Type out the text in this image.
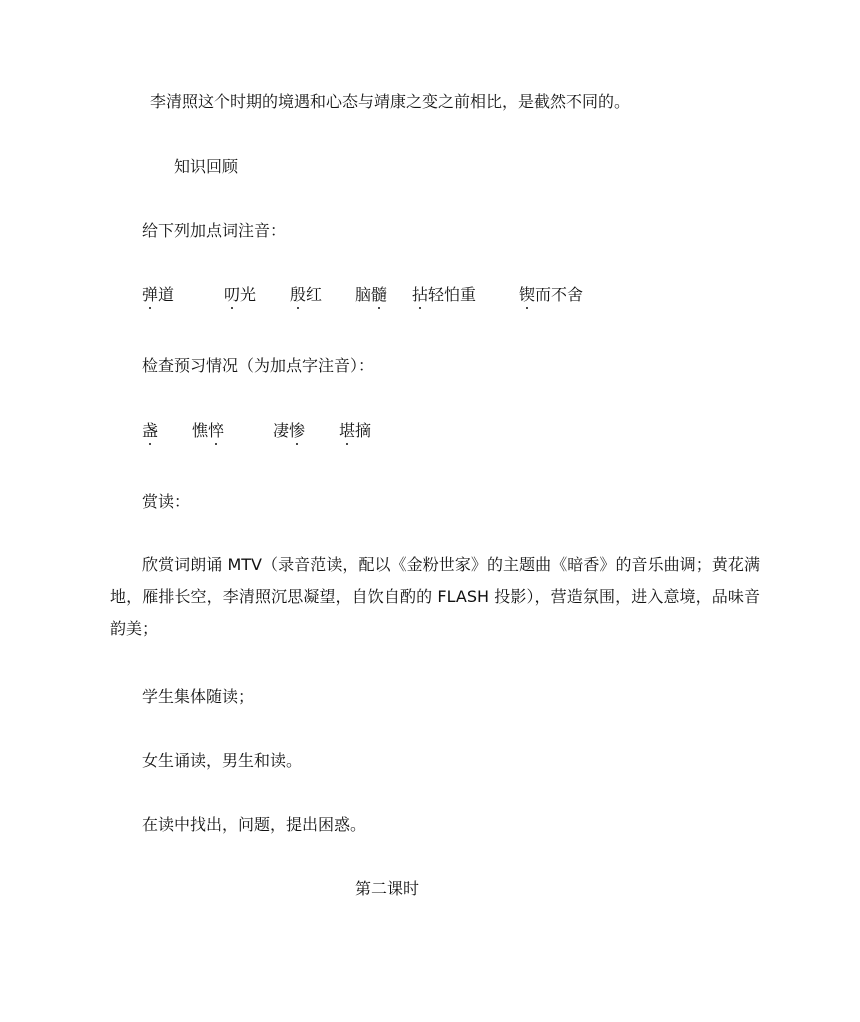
李清照这个时期的境遇和心态与靖康之变之前相比，是截然不同的。
知识回顾
给下列加点词注音：
弹道	叨光 殷红 脑髓 拈轻怕重	锲而不舍
检查预习情况（为加点字注音）：
盏 憔悴	凄惨 堪摘
赏读：
欣赏词朗诵 MTV（录音范读，配以《金粉世家》的主题曲《暗香》的音乐曲调；黄花满地，雁排长空，李清照沉思凝望，自饮自酌的 FLASH 投影），营造氛围，进入意境，品味音韵美；
学生集体随读；
女生诵读，男生和读。
在读中找出，问题，提出困惑。
第二课时
